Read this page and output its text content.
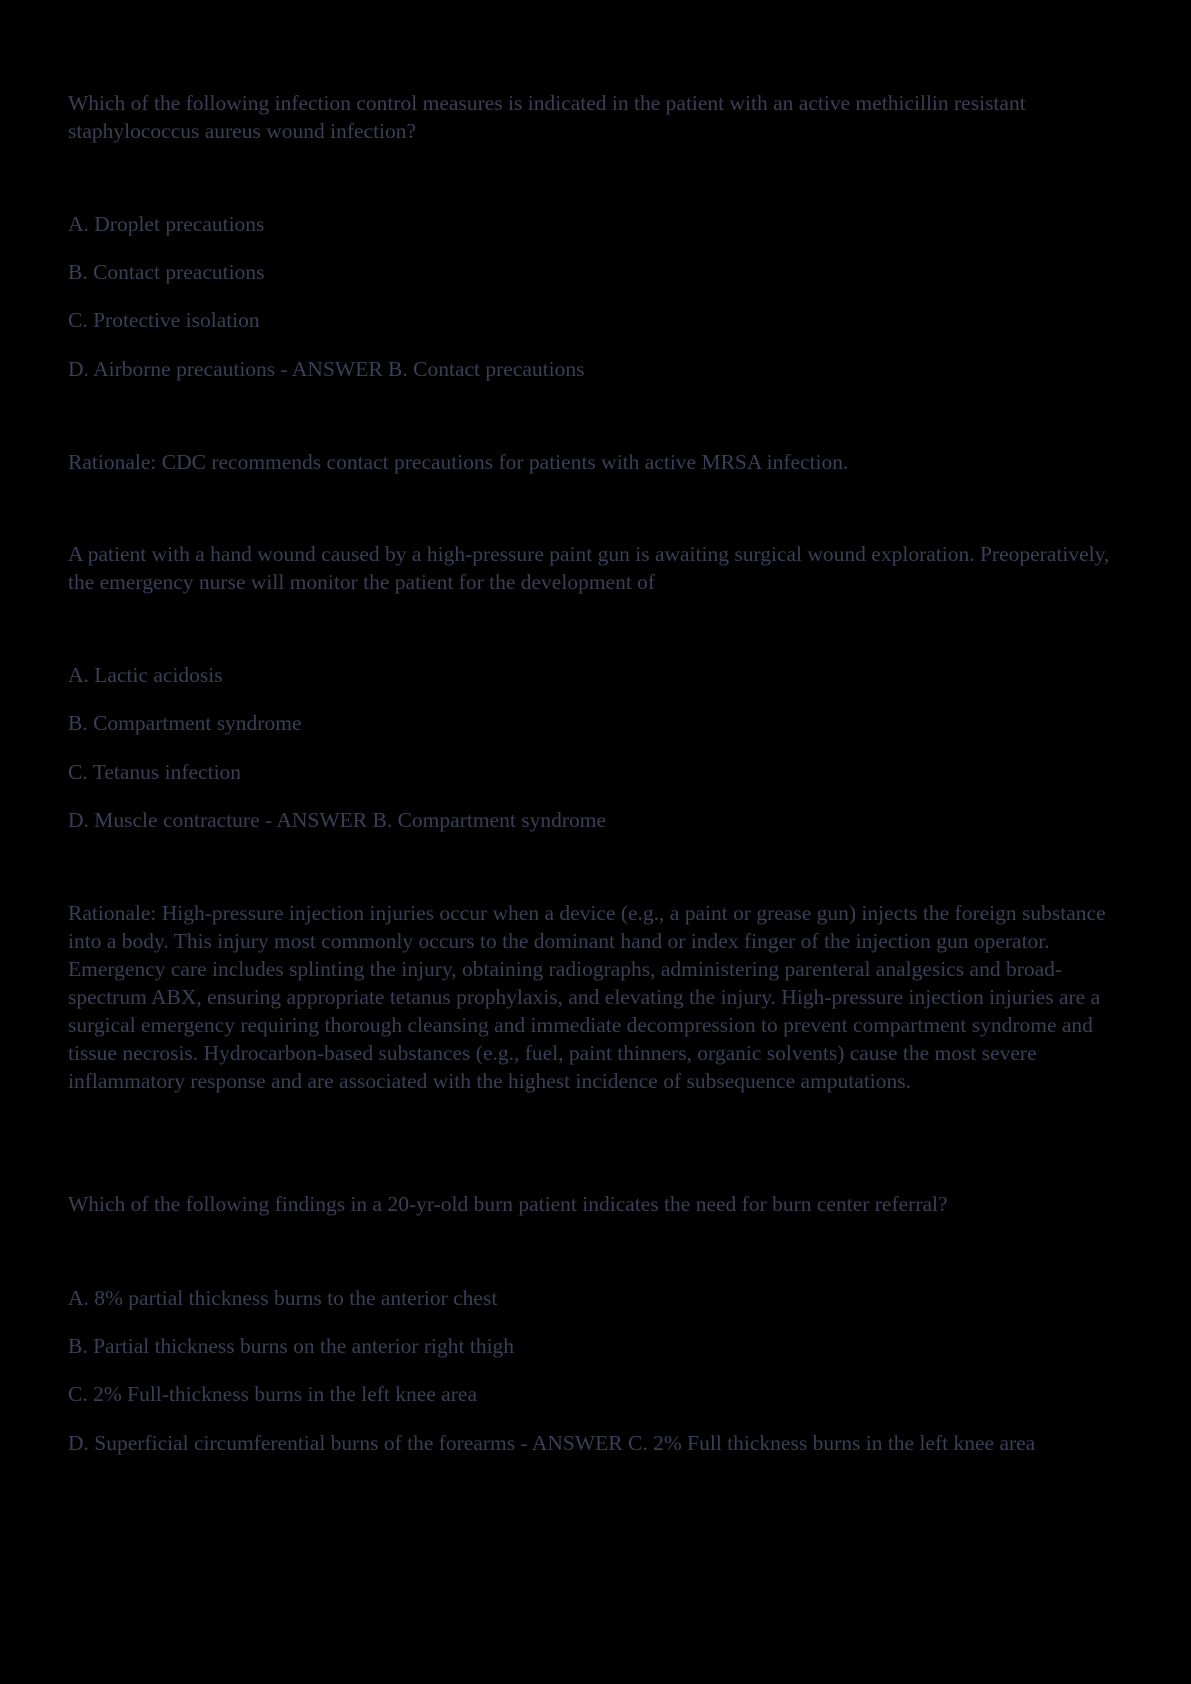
Which of the following infection control measures is indicated in the patient with an active methicillin resistant staphylococcus aureus wound infection?

A. Droplet precautions

B. Contact preacutions

C. Protective isolation

D. Airborne precautions - ANSWER B. Contact precautions

Rationale: CDC recommends contact precautions for patients with active MRSA infection.

A patient with a hand wound caused by a high-pressure paint gun is awaiting surgical wound exploration. Preoperatively, the emergency nurse will monitor the patient for the development of

A. Lactic acidosis

B. Compartment syndrome

C. Tetanus infection

D. Muscle contracture - ANSWER B. Compartment syndrome

Rationale: High-pressure injection injuries occur when a device (e.g., a paint or grease gun) injects the foreign substance into a body. This injury most commonly occurs to the dominant hand or index finger of the injection gun operator. Emergency care includes splinting the injury, obtaining radiographs, administering parenteral analgesics and broad-spectrum ABX, ensuring appropriate tetanus prophylaxis, and elevating the injury. High-pressure injection injuries are a surgical emergency requiring thorough cleansing and immediate decompression to prevent compartment syndrome and tissue necrosis. Hydrocarbon-based substances (e.g., fuel, paint thinners, organic solvents) cause the most severe inflammatory response and are associated with the highest incidence of subsequence amputations.

Which of the following findings in a 20-yr-old burn patient indicates the need for burn center referral?

A. 8% partial thickness burns to the anterior chest

B. Partial thickness burns on the anterior right thigh

C. 2% Full-thickness burns in the left knee area

D. Superficial circumferential burns of the forearms - ANSWER C. 2% Full thickness burns in the left knee area
